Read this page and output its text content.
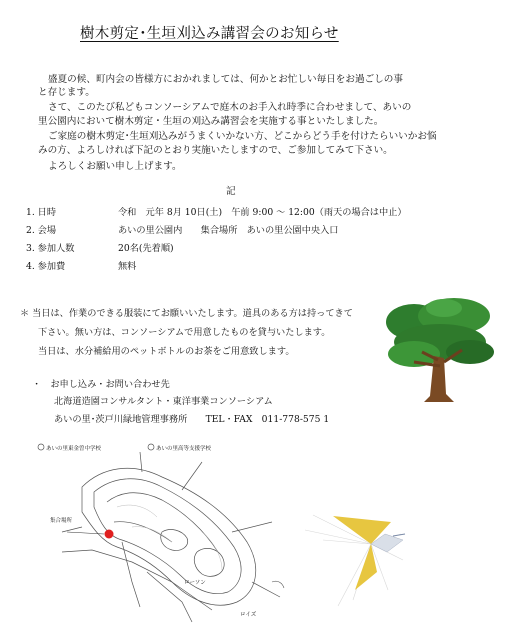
樹木剪定･生垣刈込み講習会のお知らせ
盛夏の候、町内会の皆様方におかれましては、何かとお忙しい毎日をお過ごしの事
と存じます。
さて、このたび私どもコンソーシアムで庭木のお手入れ時季に合わせまして、あいの
里公園内において樹木剪定・生垣の刈込み講習会を実施する事といたしました。
ご家庭の樹木剪定･生垣刈込みがうまくいかない方、どこからどう手を付けたらいいかお悩
みの方、よろしければ下記のとおり実施いたしますので、ご参加してみて下さい。
よろしくお願い申し上げます。
記
1. 日時	令和　元年 8月 10日(土)　午前 9:00 ～ 12:00（雨天の場合は中止）
2. 会場	あいの里公園内　　集合場所　あいの里公園中央入口
3. 参加人数	20名(先着順)
4. 参加費	無料
＊ 当日は、作業のできる服装にてお願いいたします。道具のある方は持ってきて
下さい。無い方は、コンソーシアムで用意したものを貸与いたします。
当日は、水分補給用のペットボトルのお茶をご用意致します。
・　お申し込み・お問い合わせ先
北海道造園コンサルタント・東洋事業コンソーシアム
あいの里･茨戸川緑地管理事務所　　TEL・FAX　011-778-575 1
あいの里東金曽中学校	あいの里高等支援学校
集合場所
ローソン
ロイズ
